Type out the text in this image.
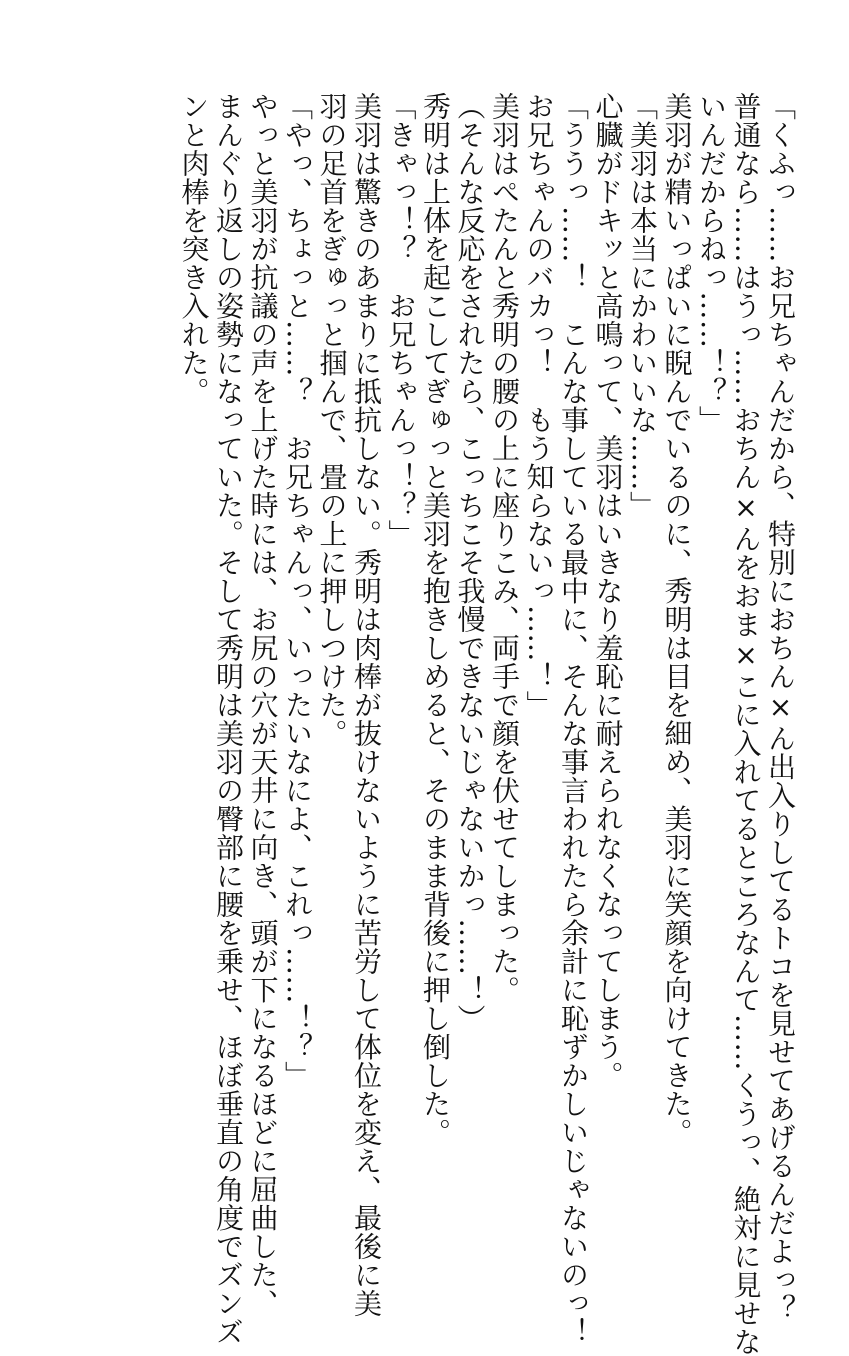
「くふっ……お兄ちゃんだから、特別におちん×ん出入りしてるトコを見せてあげるんだよっ？
普通なら……はうっ……おちん×んをおま×こに入れてるところなんて……くうっ、絶対に見せな
いんだからねっ……！？」
美羽が精いっぱいに睨んでいるのに、秀明は目を細め、美羽に笑顔を向けてきた。
「美羽は本当にかわいいな……」
心臓がドキッと高鳴って、美羽はいきなり羞恥に耐えられなくなってしまう。
「ううっ……！　こんな事している最中に、そんな事言われたら余計に恥ずかしいじゃないのっ！
お兄ちゃんのバカっ！　もう知らないっ……！」
美羽はぺたんと秀明の腰の上に座りこみ、両手で顔を伏せてしまった。
（そんな反応をされたら、こっちこそ我慢できないじゃないかっ……！）
秀明は上体を起こしてぎゅっと美羽を抱きしめると、そのまま背後に押し倒した。
「きゃっ！？　お兄ちゃんっ！？」
美羽は驚きのあまりに抵抗しない。秀明は肉棒が抜けないように苦労して体位を変え、最後に美
羽の足首をぎゅっと掴んで、畳の上に押しつけた。
「やっ、ちょっと……？　お兄ちゃんっ、いったいなによ、これっ……！？」
やっと美羽が抗議の声を上げた時には、お尻の穴が天井に向き、頭が下になるほどに屈曲した、
まんぐり返しの姿勢になっていた。そして秀明は美羽の臀部に腰を乗せ、ほぼ垂直の角度でズンズ
ンと肉棒を突き入れた。
